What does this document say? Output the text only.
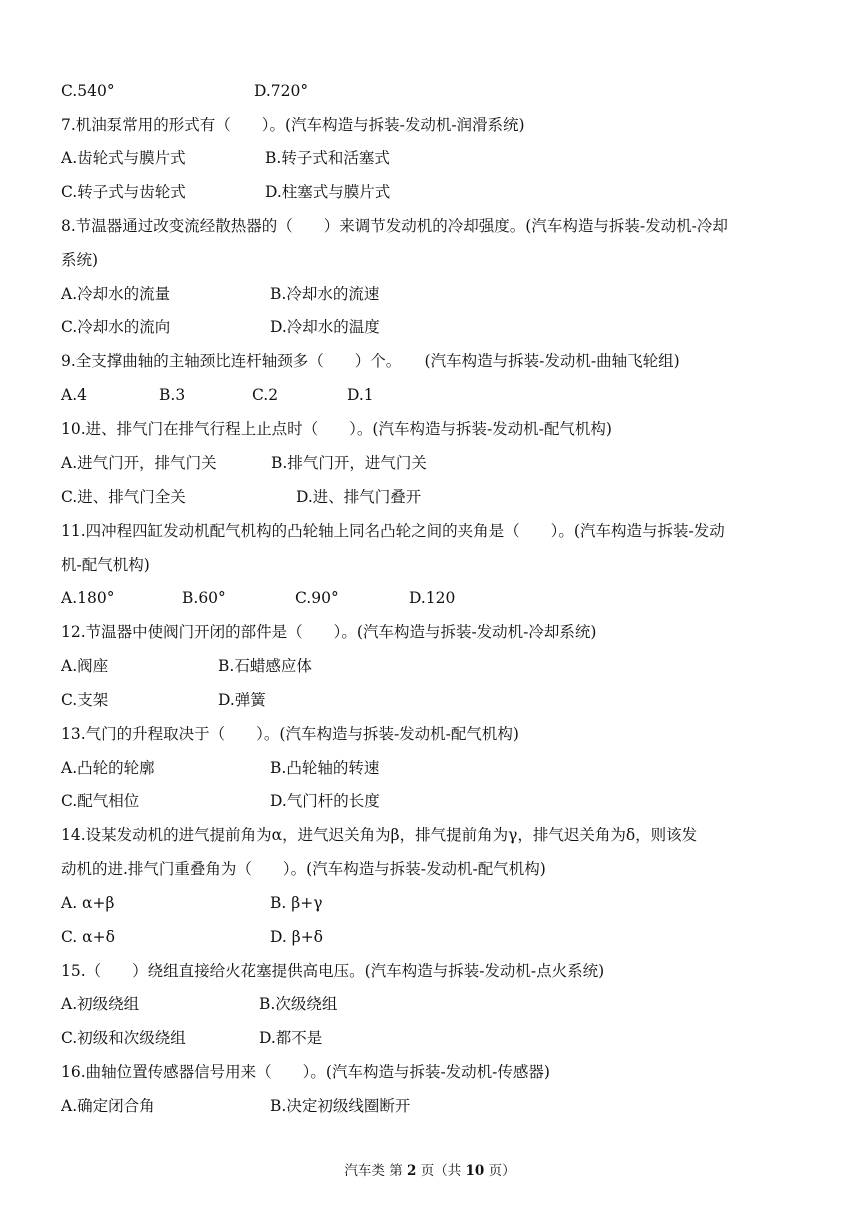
C.540°	D.720°
7.机油泵常用的形式有（　　）。(汽车构造与拆装-发动机-润滑系统)
A.齿轮式与膜片式	B.转子式和活塞式
C.转子式与齿轮式	D.柱塞式与膜片式
8.节温器通过改变流经散热器的（　　）来调节发动机的冷却强度。(汽车构造与拆装-发动机-冷却
系统)
A.冷却水的流量	B.冷却水的流速
C.冷却水的流向	D.冷却水的温度
9.全支撑曲轴的主轴颈比连杆轴颈多（　　）个。　　(汽车构造与拆装-发动机-曲轴飞轮组)
A.4	B.3	C.2	D.1
10.进、排气门在排气行程上止点时（　　）。(汽车构造与拆装-发动机-配气机构)
A.进气门开，排气门关	B.排气门开，进气门关
C.进、排气门全关	D.进、排气门叠开
11.四冲程四缸发动机配气机构的凸轮轴上同名凸轮之间的夹角是（　　）。(汽车构造与拆装-发动
机-配气机构)
A.180°	B.60°	C.90°	D.120
12.节温器中使阀门开闭的部件是（　　）。(汽车构造与拆装-发动机-冷却系统)
A.阀座	B.石蜡感应体
C.支架	D.弹簧
13.气门的升程取决于（　　）。(汽车构造与拆装-发动机-配气机构)
A.凸轮的轮廓	B.凸轮轴的转速
C.配气相位	D.气门杆的长度
14.设某发动机的进气提前角为α，进气迟关角为β，排气提前角为γ，排气迟关角为δ，则该发
动机的进.排气门重叠角为（　　）。(汽车构造与拆装-发动机-配气机构)
A. α+β	B. β+γ
C. α+δ	D. β+δ
15.（　　）绕组直接给火花塞提供高电压。(汽车构造与拆装-发动机-点火系统)
A.初级绕组	B.次级绕组
C.初级和次级绕组	D.都不是
16.曲轴位置传感器信号用来（　　）。(汽车构造与拆装-发动机-传感器)
A.确定闭合角	B.决定初级线圈断开
汽车类 第 2 页（共 10 页）
